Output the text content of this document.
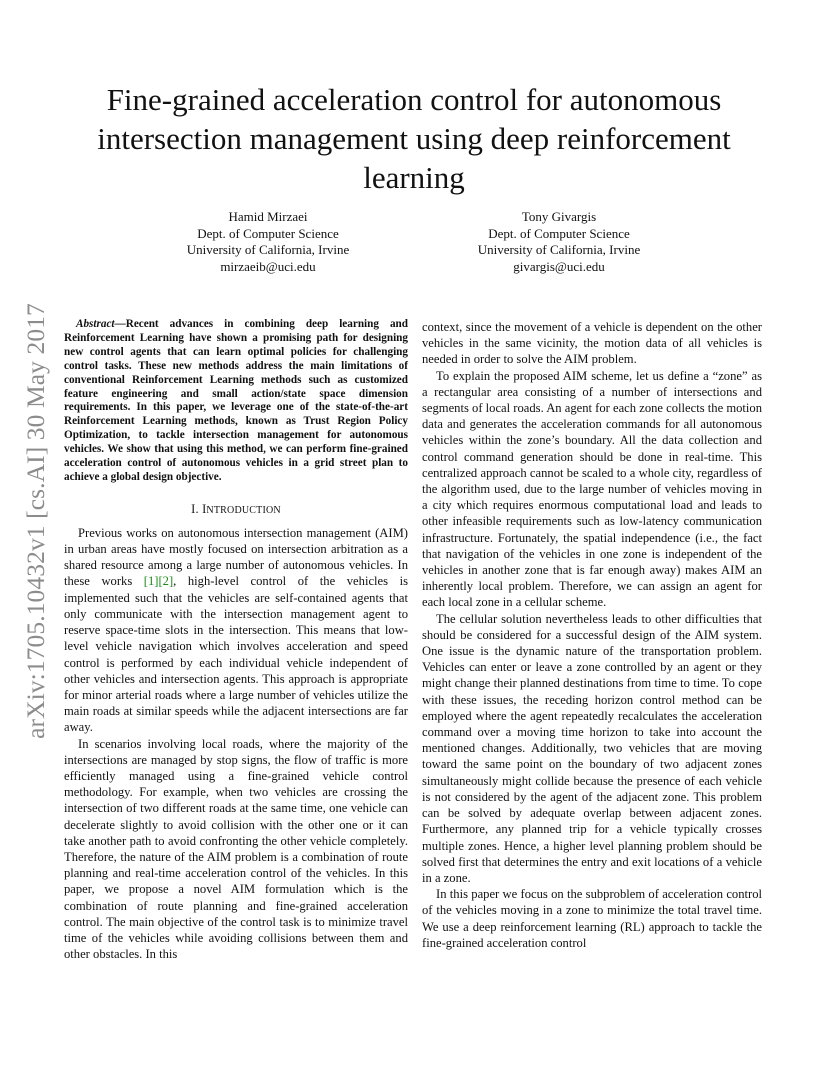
arXiv:1705.10432v1 [cs.AI] 30 May 2017
Fine-grained acceleration control for autonomous intersection management using deep reinforcement learning
Hamid Mirzaei
Dept. of Computer Science
University of California, Irvine
mirzaeib@uci.edu
Tony Givargis
Dept. of Computer Science
University of California, Irvine
givargis@uci.edu

Abstract—Recent advances in combining deep learning and Reinforcement Learning have shown a promising path for designing new control agents that can learn optimal policies for challenging control tasks. These new methods address the main limitations of conventional Reinforcement Learning methods such as customized feature engineering and small action/state space dimension requirements. In this paper, we leverage one of the state-of-the-art Reinforcement Learning methods, known as Trust Region Policy Optimization, to tackle intersection management for autonomous vehicles. We show that using this method, we can perform fine-grained acceleration control of autonomous vehicles in a grid street plan to achieve a global design objective.

I. INTRODUCTION

Previous works on autonomous intersection management (AIM) in urban areas have mostly focused on intersection arbitration as a shared resource among a large number of autonomous vehicles. In these works [1][2], high-level control of the vehicles is implemented such that the vehicles are self-contained agents that only communicate with the intersection management agent to reserve space-time slots in the intersection. This means that low-level vehicle navigation which involves acceleration and speed control is performed by each individual vehicle independent of other vehicles and intersection agents. This approach is appropriate for minor arterial roads where a large number of vehicles utilize the main roads at similar speeds while the adjacent intersections are far away.

In scenarios involving local roads, where the majority of the intersections are managed by stop signs, the flow of traffic is more efficiently managed using a fine-grained vehicle control methodology. For example, when two vehicles are crossing the intersection of two different roads at the same time, one vehicle can decelerate slightly to avoid collision with the other one or it can take another path to avoid confronting the other vehicle completely. Therefore, the nature of the AIM problem is a combination of route planning and real-time acceleration control of the vehicles. In this paper, we propose a novel AIM formulation which is the combination of route planning and fine-grained acceleration control. The main objective of the control task is to minimize travel time of the vehicles while avoiding collisions between them and other obstacles. In this

context, since the movement of a vehicle is dependent on the other vehicles in the same vicinity, the motion data of all vehicles is needed in order to solve the AIM problem.

To explain the proposed AIM scheme, let us define a “zone” as a rectangular area consisting of a number of intersections and segments of local roads. An agent for each zone collects the motion data and generates the acceleration commands for all autonomous vehicles within the zone’s boundary. All the data collection and control command generation should be done in real-time. This centralized approach cannot be scaled to a whole city, regardless of the algorithm used, due to the large number of vehicles moving in a city which requires enormous computational load and leads to other infeasible requirements such as low-latency communication infrastructure. Fortunately, the spatial independence (i.e., the fact that navigation of the vehicles in one zone is independent of the vehicles in another zone that is far enough away) makes AIM an inherently local problem. Therefore, we can assign an agent for each local zone in a cellular scheme.

The cellular solution nevertheless leads to other difficulties that should be considered for a successful design of the AIM system. One issue is the dynamic nature of the transportation problem. Vehicles can enter or leave a zone controlled by an agent or they might change their planned destinations from time to time. To cope with these issues, the receding horizon control method can be employed where the agent repeatedly recalculates the acceleration command over a moving time horizon to take into account the mentioned changes. Additionally, two vehicles that are moving toward the same point on the boundary of two adjacent zones simultaneously might collide because the presence of each vehicle is not considered by the agent of the adjacent zone. This problem can be solved by adequate overlap between adjacent zones. Furthermore, any planned trip for a vehicle typically crosses multiple zones. Hence, a higher level planning problem should be solved first that determines the entry and exit locations of a vehicle in a zone.

In this paper we focus on the subproblem of acceleration control of the vehicles moving in a zone to minimize the total travel time. We use a deep reinforcement learning (RL) approach to tackle the fine-grained acceleration control
